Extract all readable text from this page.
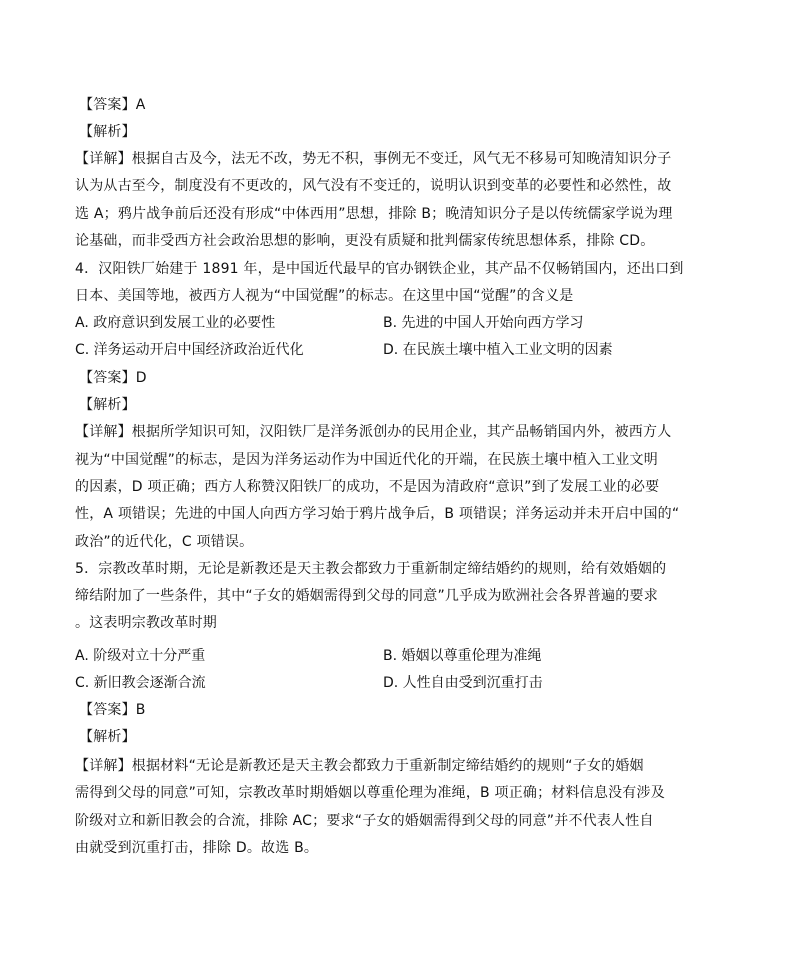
【答案】A
【解析】
【详解】根据自古及今，法无不改，势无不积，事例无不变迁，风气无不移易可知晚清知识分子
认为从古至今，制度没有不更改的，风气没有不变迁的，说明认识到变革的必要性和必然性，故
选 A；鸦片战争前后还没有形成“中体西用”思想，排除 B；晚清知识分子是以传统儒家学说为理
论基础，而非受西方社会政治思想的影响，更没有质疑和批判儒家传统思想体系，排除 CD。
4．汉阳铁厂始建于 1891 年，是中国近代最早的官办钢铁企业，其产品不仅畅销国内，还出口到
日本、美国等地，被西方人视为“中国觉醒”的标志。在这里中国“觉醒”的含义是
A. 政府意识到发展工业的必要性	B. 先进的中国人开始向西方学习
C. 洋务运动开启中国经济政治近代化	D. 在民族土壤中植入工业文明的因素
【答案】D
【解析】
【详解】根据所学知识可知，汉阳铁厂是洋务派创办的民用企业，其产品畅销国内外，被西方人
视为“中国觉醒”的标志，是因为洋务运动作为中国近代化的开端，在民族土壤中植入工业文明
的因素，D 项正确；西方人称赞汉阳铁厂的成功，不是因为清政府“意识”到了发展工业的必要
性，A 项错误；先进的中国人向西方学习始于鸦片战争后，B 项错误；洋务运动并未开启中国的“
政治”的近代化，C 项错误。
5．宗教改革时期，无论是新教还是天主教会都致力于重新制定缔结婚约的规则，给有效婚姻的
缔结附加了一些条件，其中“子女的婚姻需得到父母的同意”几乎成为欧洲社会各界普遍的要求
。这表明宗教改革时期
A. 阶级对立十分严重	B. 婚姻以尊重伦理为准绳
C. 新旧教会逐渐合流	D. 人性自由受到沉重打击
【答案】B
【解析】
【详解】根据材料“无论是新教还是天主教会都致力于重新制定缔结婚约的规则“子女的婚姻
需得到父母的同意”可知，宗教改革时期婚姻以尊重伦理为准绳，B 项正确；材料信息没有涉及
阶级对立和新旧教会的合流，排除 AC；要求“子女的婚姻需得到父母的同意”并不代表人性自
由就受到沉重打击，排除 D。故选 B。
